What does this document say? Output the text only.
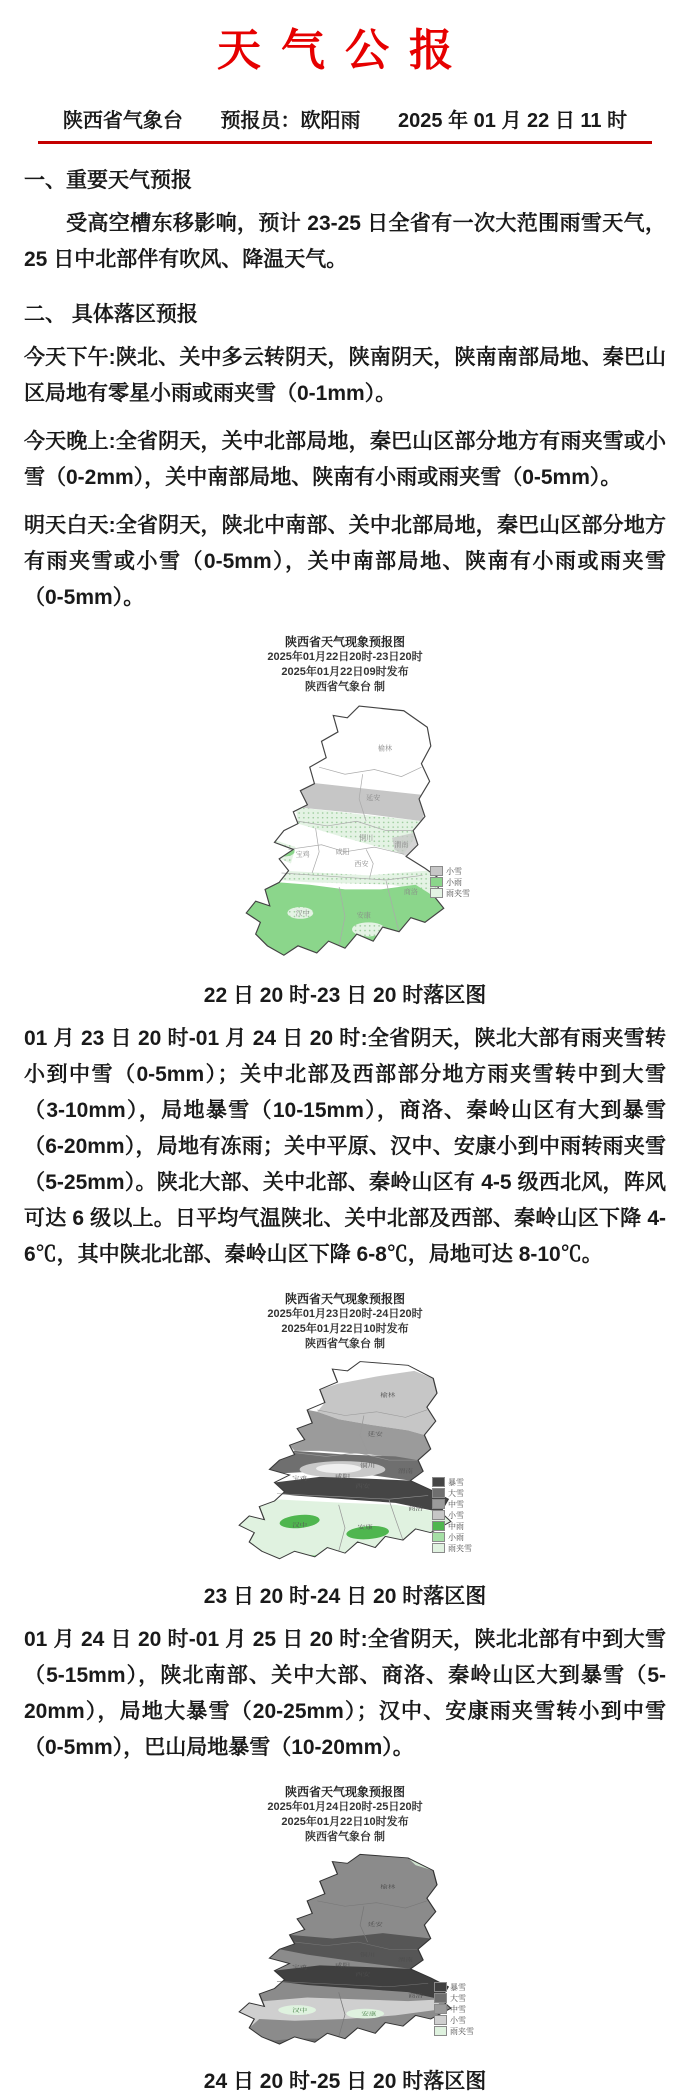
天气公报
陕西省气象台 预报员：欧阳雨 2025 年 01 月 22 日 11 时
一、重要天气预报

受高空槽东移影响，预计 23-25 日全省有一次大范围雨雪天气，25 日中北部伴有吹风、降温天气。

二、 具体落区预报

今天下午:陕北、关中多云转阴天，陕南阴天，陕南南部局地、秦巴山区局地有零星小雨或雨夹雪（0-1mm）。

今天晚上:全省阴天，关中北部局地，秦巴山区部分地方有雨夹雪或小雪（0-2mm），关中南部局地、陕南有小雨或雨夹雪（0-5mm）。

明天白天:全省阴天，陕北中南部、关中北部局地，秦巴山区部分地方有雨夹雪或小雪（0-5mm），关中南部局地、陕南有小雨或雨夹雪（0-5mm）。

陕西省天气现象预报图
2025年01月22日20时-23日20时
2025年01月22日09时发布
陕西省气象台 制
榆林
延安
铜川
渭南
咸阳
宝鸡
西安
商洛
安康
汉中
小雪
小雨
雨夹雪
22 日 20 时-23 日 20 时落区图

01 月 23 日 20 时-01 月 24 日 20 时:全省阴天，陕北大部有雨夹雪转小到中雪（0-5mm）；关中北部及西部部分地方雨夹雪转中到大雪（3-10mm），局地暴雪（10-15mm），商洛、秦岭山区有大到暴雪（6-20mm），局地有冻雨；关中平原、汉中、安康小到中雨转雨夹雪（5-25mm）。陕北大部、关中北部、秦岭山区有 4-5 级西北风，阵风可达 6 级以上。日平均气温陕北、关中北部及西部、秦岭山区下降 4-6℃，其中陕北北部、秦岭山区下降 6-8℃，局地可达 8-10℃。

陕西省天气现象预报图
2025年01月23日20时-24日20时
2025年01月22日10时发布
陕西省气象台 制
榆林
延安
铜川
渭南
咸阳
宝鸡
西安
商洛
安康
汉中
暴雪
大雪
中雪
小雪
中雨
小雨
雨夹雪
23 日 20 时-24 日 20 时落区图

01 月 24 日 20 时-01 月 25 日 20 时:全省阴天，陕北北部有中到大雪（5-15mm），陕北南部、关中大部、商洛、秦岭山区大到暴雪（5-20mm），局地大暴雪（20-25mm）；汉中、安康雨夹雪转小到中雪（0-5mm），巴山局地暴雪（10-20mm）。

陕西省天气现象预报图
2025年01月24日20时-25日20时
2025年01月22日10时发布
陕西省气象台 制
榆林
延安
铜川
渭南
咸阳
宝鸡
西安
商洛
安康
汉中
暴雪
大雪
中雪
小雪
雨夹雪
24 日 20 时-25 日 20 时落区图
